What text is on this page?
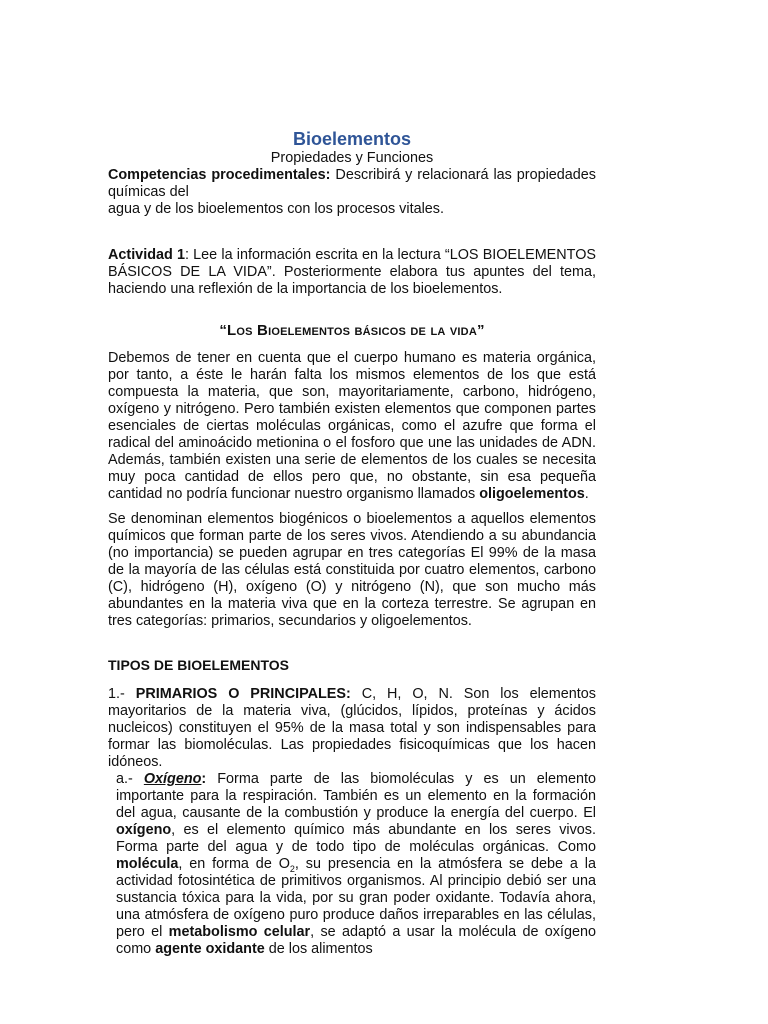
Bioelementos
Propiedades y Funciones

Competencias procedimentales: Describirá y relacionará las propiedades químicas del

agua y de los bioelementos con los procesos vitales.

Actividad 1: Lee la información escrita en la lectura “LOS BIOELEMENTOS BÁSICOS DE LA VIDA”. Posteriormente elabora tus apuntes del tema, haciendo una reflexión de la importancia de los bioelementos.

“Los Bioelementos básicos de la vida”

Debemos de tener en cuenta que el cuerpo humano es materia orgánica, por tanto, a éste le harán falta los mismos elementos de los que está compuesta la materia, que son, mayoritariamente, carbono, hidrógeno, oxígeno y nitrógeno. Pero también existen elementos que componen partes esenciales de ciertas moléculas orgánicas, como el azufre que forma el radical del aminoácido metionina o el fosforo que une las unidades de ADN. Además, también existen una serie de elementos de los cuales se necesita muy poca cantidad de ellos pero que, no obstante, sin esa pequeña cantidad no podría funcionar nuestro organismo llamados oligoelementos.

Se denominan elementos biogénicos o bioelementos a aquellos elementos químicos que forman parte de los seres vivos. Atendiendo a su abundancia (no importancia) se pueden agrupar en tres categorías El 99% de la masa de la mayoría de las células está constituida por cuatro elementos, carbono (C), hidrógeno (H), oxígeno (O) y nitrógeno (N), que son mucho más abundantes en la materia viva que en la corteza terrestre. Se agrupan en tres categorías: primarios, secundarios y oligoelementos.

TIPOS DE BIOELEMENTOS

1.- PRIMARIOS O PRINCIPALES: C, H, O, N. Son los elementos mayoritarios de la materia viva, (glúcidos, lípidos, proteínas y ácidos nucleicos) constituyen el 95% de la masa total y son indispensables para formar las biomoléculas. Las propiedades fisicoquímicas que los hacen idóneos.

a.- Oxígeno: Forma parte de las biomoléculas y es un elemento importante para la respiración. También es un elemento en la formación del agua, causante de la combustión y produce la energía del cuerpo. El oxígeno, es el elemento químico más abundante en los seres vivos. Forma parte del agua y de todo tipo de moléculas orgánicas. Como molécula, en forma de $O_2$, su presencia en la atmósfera se debe a la actividad fotosintética de primitivos organismos. Al principio debió ser una sustancia tóxica para la vida, por su gran poder oxidante. Todavía ahora, una atmósfera de oxígeno puro produce daños irreparables en las células, pero el metabolismo celular, se adaptó a usar la molécula de oxígeno como agente oxidante de los alimentos
